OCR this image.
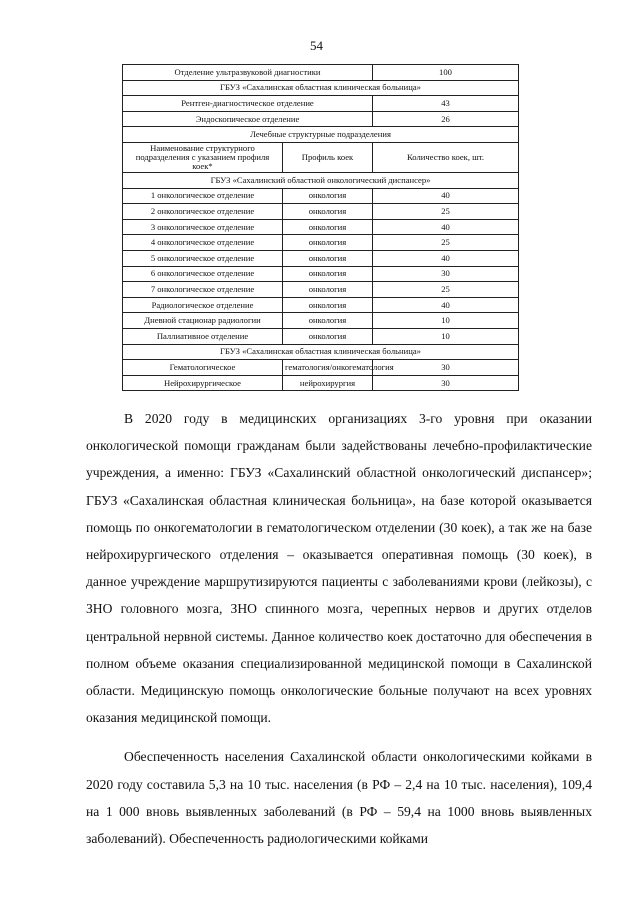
54
Отделение ультразвуковой диагностики		100
ГБУЗ «Сахалинская областная клиническая больница»		
Рентген-диагностическое отделение		43
Эндоскопическое отделение		26
Лечебные структурные подразделения		
Наименование структурного подразделения с указанием профиля коек*	Профиль коек	Количество коек, шт.
ГБУЗ «Сахалинский областной онкологический диспансер»		
1 онкологическое отделение	онкология	40
2 онкологическое отделение	онкология	25
3 онкологическое отделение	онкология	40
4 онкологическое отделение	онкология	25
5 онкологическое отделение	онкология	40
6 онкологическое отделение	онкология	30
7 онкологическое отделение	онкология	25
Радиологическое отделение	онкология	40
Дневной стационар радиологии	онкология	10
Паллиативное отделение	онкология	10
ГБУЗ «Сахалинская областная клиническая больница»		
Гематологическое	гематология/онкогематология	30
Нейрохирургическое	нейрохирургия	30

В 2020 году в медицинских организациях 3-го уровня при оказании онкологической помощи гражданам были задействованы лечебно-профилактические учреждения, а именно: ГБУЗ «Сахалинский областной онкологический диспансер»; ГБУЗ «Сахалинская областная клиническая больница», на базе которой оказывается помощь по онкогематологии в гематологическом отделении (30 коек), а так же на базе нейрохирургического отделения – оказывается оперативная помощь (30 коек), в данное учреждение маршрутизируются пациенты с заболеваниями крови (лейкозы), с ЗНО головного мозга, ЗНО спинного мозга, черепных нервов и других отделов центральной нервной системы. Данное количество коек достаточно для обеспечения в полном объеме оказания специализированной медицинской помощи в Сахалинской области. Медицинскую помощь онкологические больные получают на всех уровнях оказания медицинской помощи.

Обеспеченность населения Сахалинской области онкологическими койками в 2020 году составила 5,3 на 10 тыс. населения (в РФ – 2,4 на 10 тыс. населения), 109,4 на 1 000 вновь выявленных заболеваний (в РФ – 59,4 на 1000 вновь выявленных заболеваний). Обеспеченность радиологическими койками
